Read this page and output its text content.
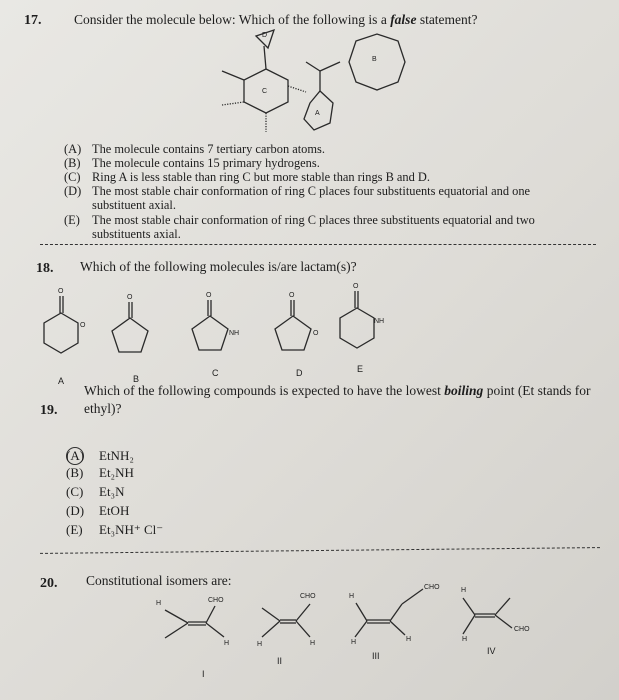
17. Consider the molecule below: Which of the following is a false statement?
D
C
A
B
(A) The molecule contains 7 tertiary carbon atoms.
(B) The molecule contains 15 primary hydrogens.
(C) Ring A is less stable than ring C but more stable than rings B and D.
(D) The most stable chair conformation of ring C places four substituents equatorial and one
substituent axial.
(E) The most stable chair conformation of ring C places three substituents equatorial and two
substituents axial.
18. Which of the following molecules is/are lactam(s)?
O
O
O	O
NH
O
O
O
NH
A	B
C	D	E
19.
Which of the following compounds is expected to have the lowest boiling point (Et stands for
ethyl)?
(A) EtNH₂
(B) Et₂NH
(C) Et₃N
(D) EtOH
(E) Et₃NH⁺ Cl⁻
20. Constitutional isomers are:
H	CHO
H
I
CHO
H	H
II
H
CHO
H	H
III
H
H
CHO
IV
